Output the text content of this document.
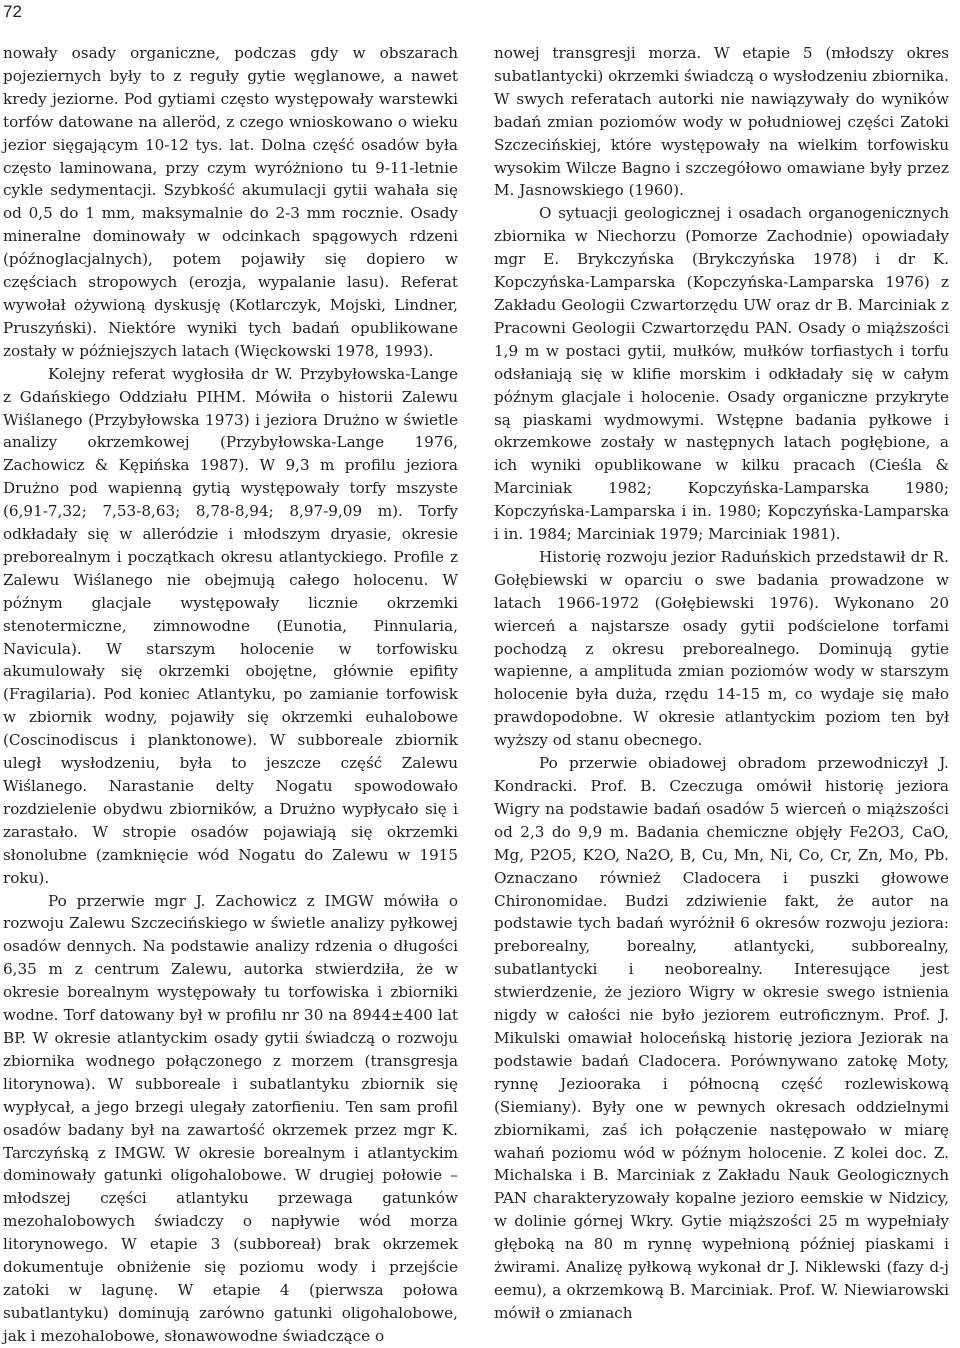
72

nowały osady organiczne, podczas gdy w obszarach pojeziernych były to z reguły gytie węglanowe, a nawet kredy jeziorne. Pod gytiami często występowały warstewki torfów datowane na alleröd, z czego wnioskowano o wieku jezior sięgającym 10-12 tys. lat. Dolna część osadów była często laminowana, przy czym wyróżniono tu 9-11-letnie cykle sedymentacji. Szybkość akumulacji gytii wahała się od 0,5 do 1 mm, maksymalnie do 2-3 mm rocznie. Osady mineralne dominowały w odcinkach spągowych rdzeni (późnoglacjalnych), potem pojawiły się dopiero w częściach stropowych (erozja, wypalanie lasu). Referat wywołał ożywioną dyskusję (Kotlarczyk, Mojski, Lindner, Pruszyński). Niektóre wyniki tych badań opublikowane zostały w późniejszych latach (Więckowski 1978, 1993).

Kolejny referat wygłosiła dr W. Przybyłowska-Lange z Gdańskiego Oddziału PIHM. Mówiła o historii Zalewu Wiślanego (Przybyłowska 1973) i jeziora Drużno w świetle analizy okrzemkowej (Przybyłowska-Lange 1976, Zachowicz & Kępińska 1987). W 9,3 m profilu jeziora Drużno pod wapienną gytią występowały torfy mszyste (6,91-7,32; 7,53-8,63; 8,78-8,94; 8,97-9,09 m). Torfy odkładały się w alleródzie i młodszym dryasie, okresie preborealnym i początkach okresu atlantyckiego. Profile z Zalewu Wiślanego nie obejmują całego holocenu. W późnym glacjale występowały licznie okrzemki stenotermiczne, zimnowodne (Eunotia, Pinnularia, Navicula). W starszym holocenie w torfowisku akumulowały się okrzemki obojętne, głównie epifity (Fragilaria). Pod koniec Atlantyku, po zamianie torfowisk w zbiornik wodny, pojawiły się okrzemki euhalobowe (Coscinodiscus i planktonowe). W subboreale zbiornik uległ wysłodzeniu, była to jeszcze część Zalewu Wiślanego. Narastanie delty Nogatu spowodowało rozdzielenie obydwu zbiorników, a Drużno wypłycało się i zarastało. W stropie osadów pojawiają się okrzemki słonolubne (zamknięcie wód Nogatu do Zalewu w 1915 roku).

Po przerwie mgr J. Zachowicz z IMGW mówiła o rozwoju Zalewu Szczecińskiego w świetle analizy pyłkowej osadów dennych. Na podstawie analizy rdzenia o długości 6,35 m z centrum Zalewu, autorka stwierdziła, że w okresie borealnym występowały tu torfowiska i zbiorniki wodne. Torf datowany był w profilu nr 30 na 8944±400 lat BP. W okresie atlantyckim osady gytii świadczą o rozwoju zbiornika wodnego połączonego z morzem (transgresja litorynowa). W subboreale i subatlantyku zbiornik się wypłycał, a jego brzegi ulegały zatorfieniu. Ten sam profil osadów badany był na zawartość okrzemek przez mgr K. Tarczyńską z IMGW. W okresie borealnym i atlantyckim dominowały gatunki oligohalobowe. W drugiej połowie – młodszej części atlantyku przewaga gatunków mezohalobowych świadczy o napływie wód morza litorynowego. W etapie 3 (subboreał) brak okrzemek dokumentuje obniżenie się poziomu wody i przejście zatoki w lagunę. W etapie 4 (pierwsza połowa subatlantyku) dominują zarówno gatunki oligohalobowe, jak i mezohalobowe, słonawowodne świadczące o

nowej transgresji morza. W etapie 5 (młodszy okres subatlantycki) okrzemki świadczą o wysłodzeniu zbiornika. W swych referatach autorki nie nawiązywały do wyników badań zmian poziomów wody w południowej części Zatoki Szczecińskiej, które występowały na wielkim torfowisku wysokim Wilcze Bagno i szczegółowo omawiane były przez M. Jasnowskiego (1960).

O sytuacji geologicznej i osadach organogenicznych zbiornika w Niechorzu (Pomorze Zachodnie) opowiadały mgr E. Brykczyńska (Brykczyńska 1978) i dr K. Kopczyńska-Lamparska (Kopczyńska-Lamparska 1976) z Zakładu Geologii Czwartorzędu UW oraz dr B. Marciniak z Pracowni Geologii Czwartorzędu PAN. Osady o miąższości 1,9 m w postaci gytii, mułków, mułków torfiastych i torfu odsłaniają się w klifie morskim i odkładały się w całym późnym glacjale i holocenie. Osady organiczne przykryte są piaskami wydmowymi. Wstępne badania pyłkowe i okrzemkowe zostały w następnych latach pogłębione, a ich wyniki opublikowane w kilku pracach (Cieśla & Marciniak 1982; Kopczyńska-Lamparska 1980; Kopczyńska-Lamparska i in. 1980; Kopczyńska-Lamparska i in. 1984; Marciniak 1979; Marciniak 1981).

Historię rozwoju jezior Raduńskich przedstawił dr R. Gołębiewski w oparciu o swe badania prowadzone w latach 1966-1972 (Gołębiewski 1976). Wykonano 20 wierceń a najstarsze osady gytii podścielone torfami pochodzą z okresu preborealnego. Dominują gytie wapienne, a amplituda zmian poziomów wody w starszym holocenie była duża, rzędu 14-15 m, co wydaje się mało prawdopodobne. W okresie atlantyckim poziom ten był wyższy od stanu obecnego.

Po przerwie obiadowej obradom przewodniczył J. Kondracki. Prof. B. Czeczuga omówił historię jeziora Wigry na podstawie badań osadów 5 wierceń o miąższości od 2,3 do 9,9 m. Badania chemiczne objęły Fe2O3, CaO, Mg, P2O5, K2O, Na2O, B, Cu, Mn, Ni, Co, Cr, Zn, Mo, Pb. Oznaczano również Cladocera i puszki głowowe Chironomidae. Budzi zdziwienie fakt, że autor na podstawie tych badań wyróżnił 6 okresów rozwoju jeziora: preborealny, borealny, atlantycki, subborealny, subatlantycki i neoborealny. Interesujące jest stwierdzenie, że jezioro Wigry w okresie swego istnienia nigdy w całości nie było jeziorem eutroficznym. Prof. J. Mikulski omawiał holoceńską historię jeziora Jeziorak na podstawie badań Cladocera. Porównywano zatokę Moty, rynnę Jeziooraka i północną część rozlewiskową (Siemiany). Były one w pewnych okresach oddzielnymi zbiornikami, zaś ich połączenie następowało w miarę wahań poziomu wód w późnym holocenie. Z kolei doc. Z. Michalska i B. Marciniak z Zakładu Nauk Geologicznych PAN charakteryzowały kopalne jezioro eemskie w Nidzicy, w dolinie górnej Wkry. Gytie miąższości 25 m wypełniały głęboką na 80 m rynnę wypełnioną później piaskami i żwirami. Analizę pyłkową wykonał dr J. Niklewski (fazy d-j eemu), a okrzemkową B. Marciniak. Prof. W. Niewiarowski mówił o zmianach
